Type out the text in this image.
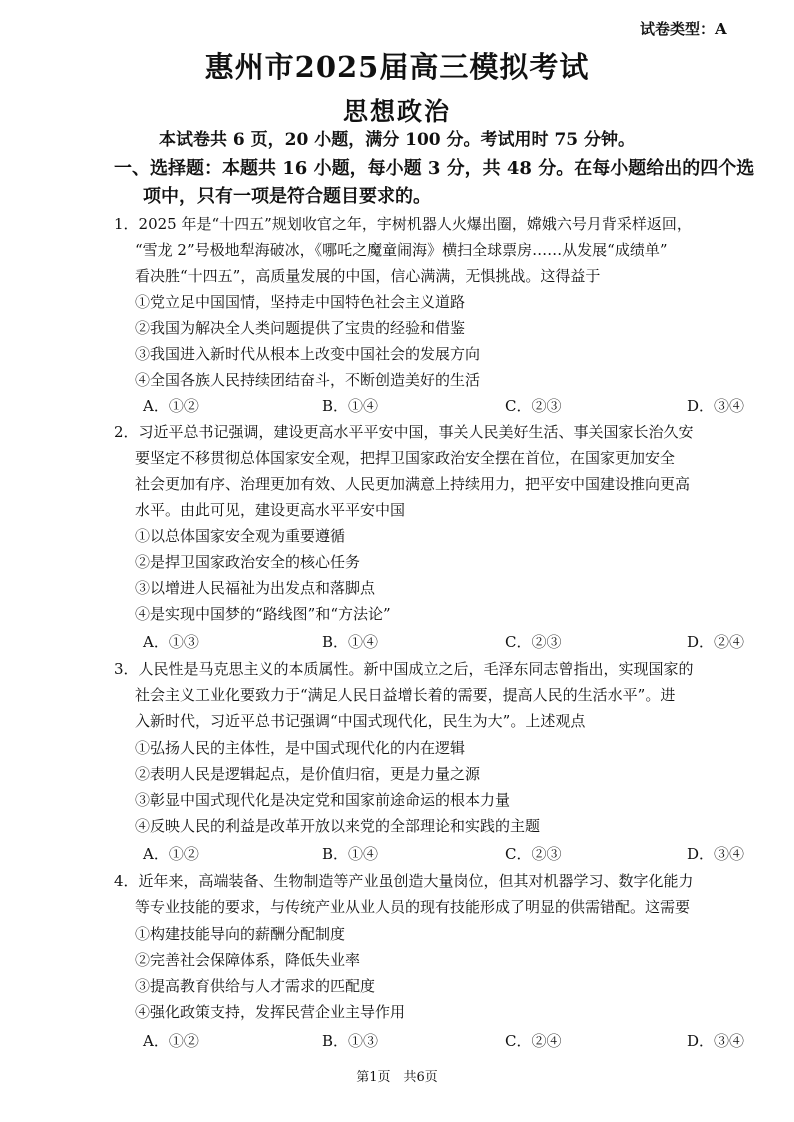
试卷类型：A
惠州市2025届高三模拟考试
思想政治
本试卷共 6 页，20 小题，满分 100 分。考试用时 75 分钟。
一、选择题：本题共 16 小题，每小题 3 分，共 48 分。在每小题给出的四个选
项中，只有一项是符合题目要求的。
1．2025 年是“十四五”规划收官之年，宇树机器人火爆出圈，嫦娥六号月背采样返回，
“雪龙 2”号极地犁海破冰，《哪吒之魔童闹海》横扫全球票房……从发展“成绩单”
看决胜“十四五”，高质量发展的中国，信心满满，无惧挑战。这得益于
①党立足中国国情，坚持走中国特色社会主义道路
②我国为解决全人类问题提供了宝贵的经验和借鉴
③我国进入新时代从根本上改变中国社会的发展方向
④全国各族人民持续团结奋斗，不断创造美好的生活
A．①②	B．①④	C．②③	D．③④
2．习近平总书记强调，建设更高水平平安中国，事关人民美好生活、事关国家长治久安
要坚定不移贯彻总体国家安全观，把捍卫国家政治安全摆在首位，在国家更加安全
社会更加有序、治理更加有效、人民更加满意上持续用力，把平安中国建设推向更高
水平。由此可见，建设更高水平平安中国
①以总体国家安全观为重要遵循
②是捍卫国家政治安全的核心任务
③以增进人民福祉为出发点和落脚点
④是实现中国梦的“路线图”和“方法论”
A．①③	B．①④	C．②③	D．②④
3．人民性是马克思主义的本质属性。新中国成立之后，毛泽东同志曾指出，实现国家的
社会主义工业化要致力于“满足人民日益增长着的需要，提高人民的生活水平”。进
入新时代，习近平总书记强调“中国式现代化，民生为大”。上述观点
①弘扬人民的主体性，是中国式现代化的内在逻辑
②表明人民是逻辑起点，是价值归宿，更是力量之源
③彰显中国式现代化是决定党和国家前途命运的根本力量
④反映人民的利益是改革开放以来党的全部理论和实践的主题
A．①②	B．①④	C．②③	D．③④
4．近年来，高端装备、生物制造等产业虽创造大量岗位，但其对机器学习、数字化能力
等专业技能的要求，与传统产业从业人员的现有技能形成了明显的供需错配。这需要
①构建技能导向的薪酬分配制度
②完善社会保障体系，降低失业率
③提高教育供给与人才需求的匹配度
④强化政策支持，发挥民营企业主导作用
A．①②	B．①③	C．②④	D．③④
第1页　共6页
